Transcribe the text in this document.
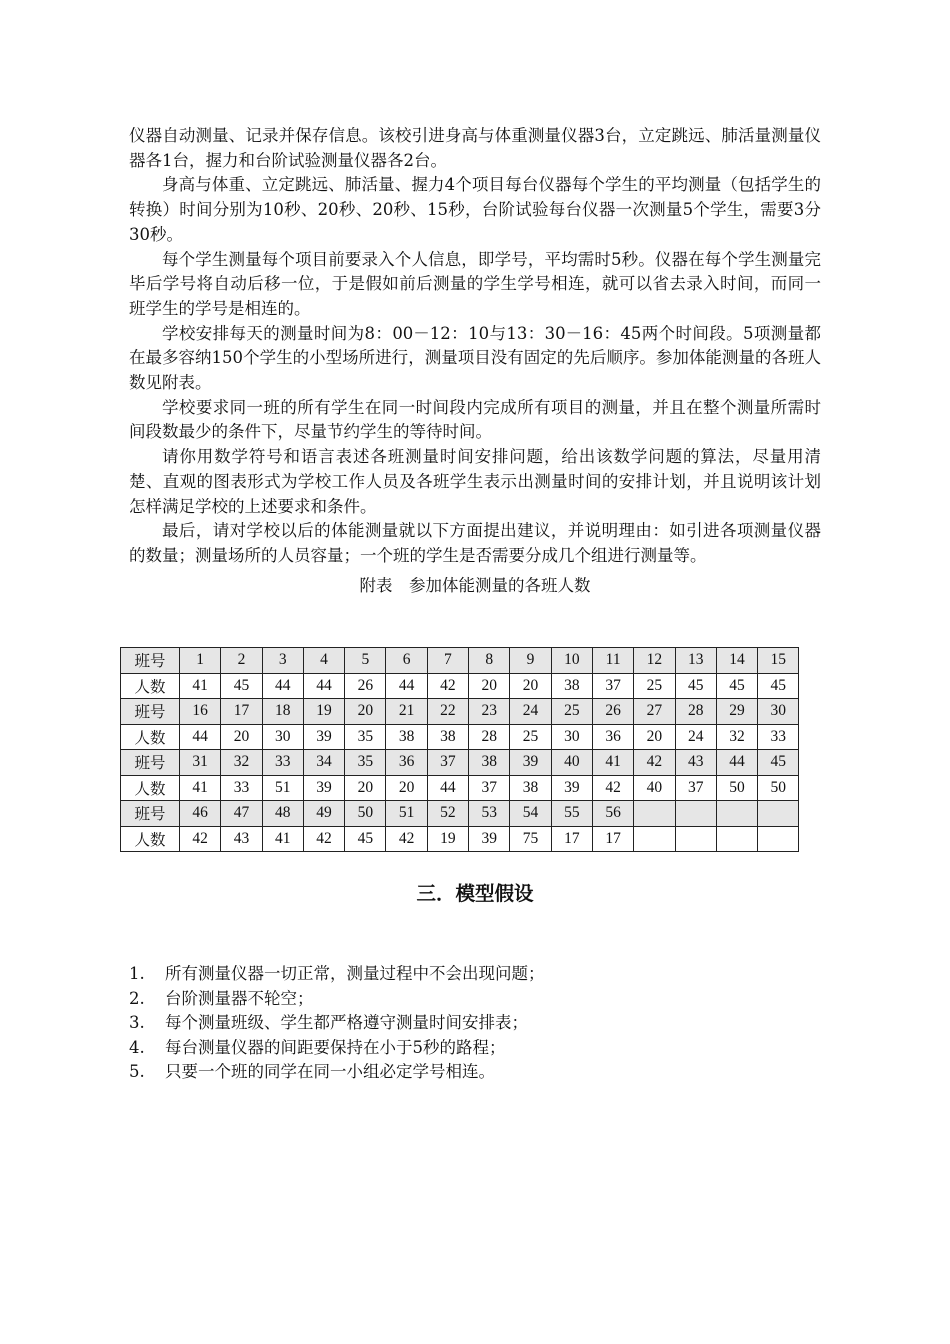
仪器自动测量、记录并保存信息。该校引进身高与体重测量仪器3台，立定跳远、肺活量测量仪器各1台，握力和台阶试验测量仪器各2台。

身高与体重、立定跳远、肺活量、握力4个项目每台仪器每个学生的平均测量（包括学生的转换）时间分别为10秒、20秒、20秒、15秒，台阶试验每台仪器一次测量5个学生，需要3分30秒。

每个学生测量每个项目前要录入个人信息，即学号，平均需时5秒。仪器在每个学生测量完毕后学号将自动后移一位，于是假如前后测量的学生学号相连，就可以省去录入时间，而同一班学生的学号是相连的。

学校安排每天的测量时间为8：00－12：10与13：30－16：45两个时间段。5项测量都在最多容纳150个学生的小型场所进行，测量项目没有固定的先后顺序。参加体能测量的各班人数见附表。

学校要求同一班的所有学生在同一时间段内完成所有项目的测量，并且在整个测量所需时间段数最少的条件下，尽量节约学生的等待时间。

请你用数学符号和语言表述各班测量时间安排问题，给出该数学问题的算法，尽量用清楚、直观的图表形式为学校工作人员及各班学生表示出测量时间的安排计划，并且说明该计划怎样满足学校的上述要求和条件。

最后，请对学校以后的体能测量就以下方面提出建议，并说明理由：如引进各项测量仪器的数量；测量场所的人员容量；一个班的学生是否需要分成几个组进行测量等。

附表　参加体能测量的各班人数

班号	1	2	3	4	5	6	7	8	9	10	11	12	13	14	15
人数	41	45	44	44	26	44	42	20	20	38	37	25	45	45	45
班号	16	17	18	19	20	21	22	23	24	25	26	27	28	29	30
人数	44	20	30	39	35	38	38	28	25	30	36	20	24	32	33
班号	31	32	33	34	35	36	37	38	39	40	41	42	43	44	45
人数	41	33	51	39	20	20	44	37	38	39	42	40	37	50	50
班号	46	47	48	49	50	51	52	53	54	55	56				
人数	42	43	41	42	45	42	19	39	75	17	17				
三．模型假设
1. 所有测量仪器一切正常，测量过程中不会出现问题；
2. 台阶测量器不轮空；
3. 每个测量班级、学生都严格遵守测量时间安排表；
4. 每台测量仪器的间距要保持在小于5秒的路程；
5. 只要一个班的同学在同一小组必定学号相连。
